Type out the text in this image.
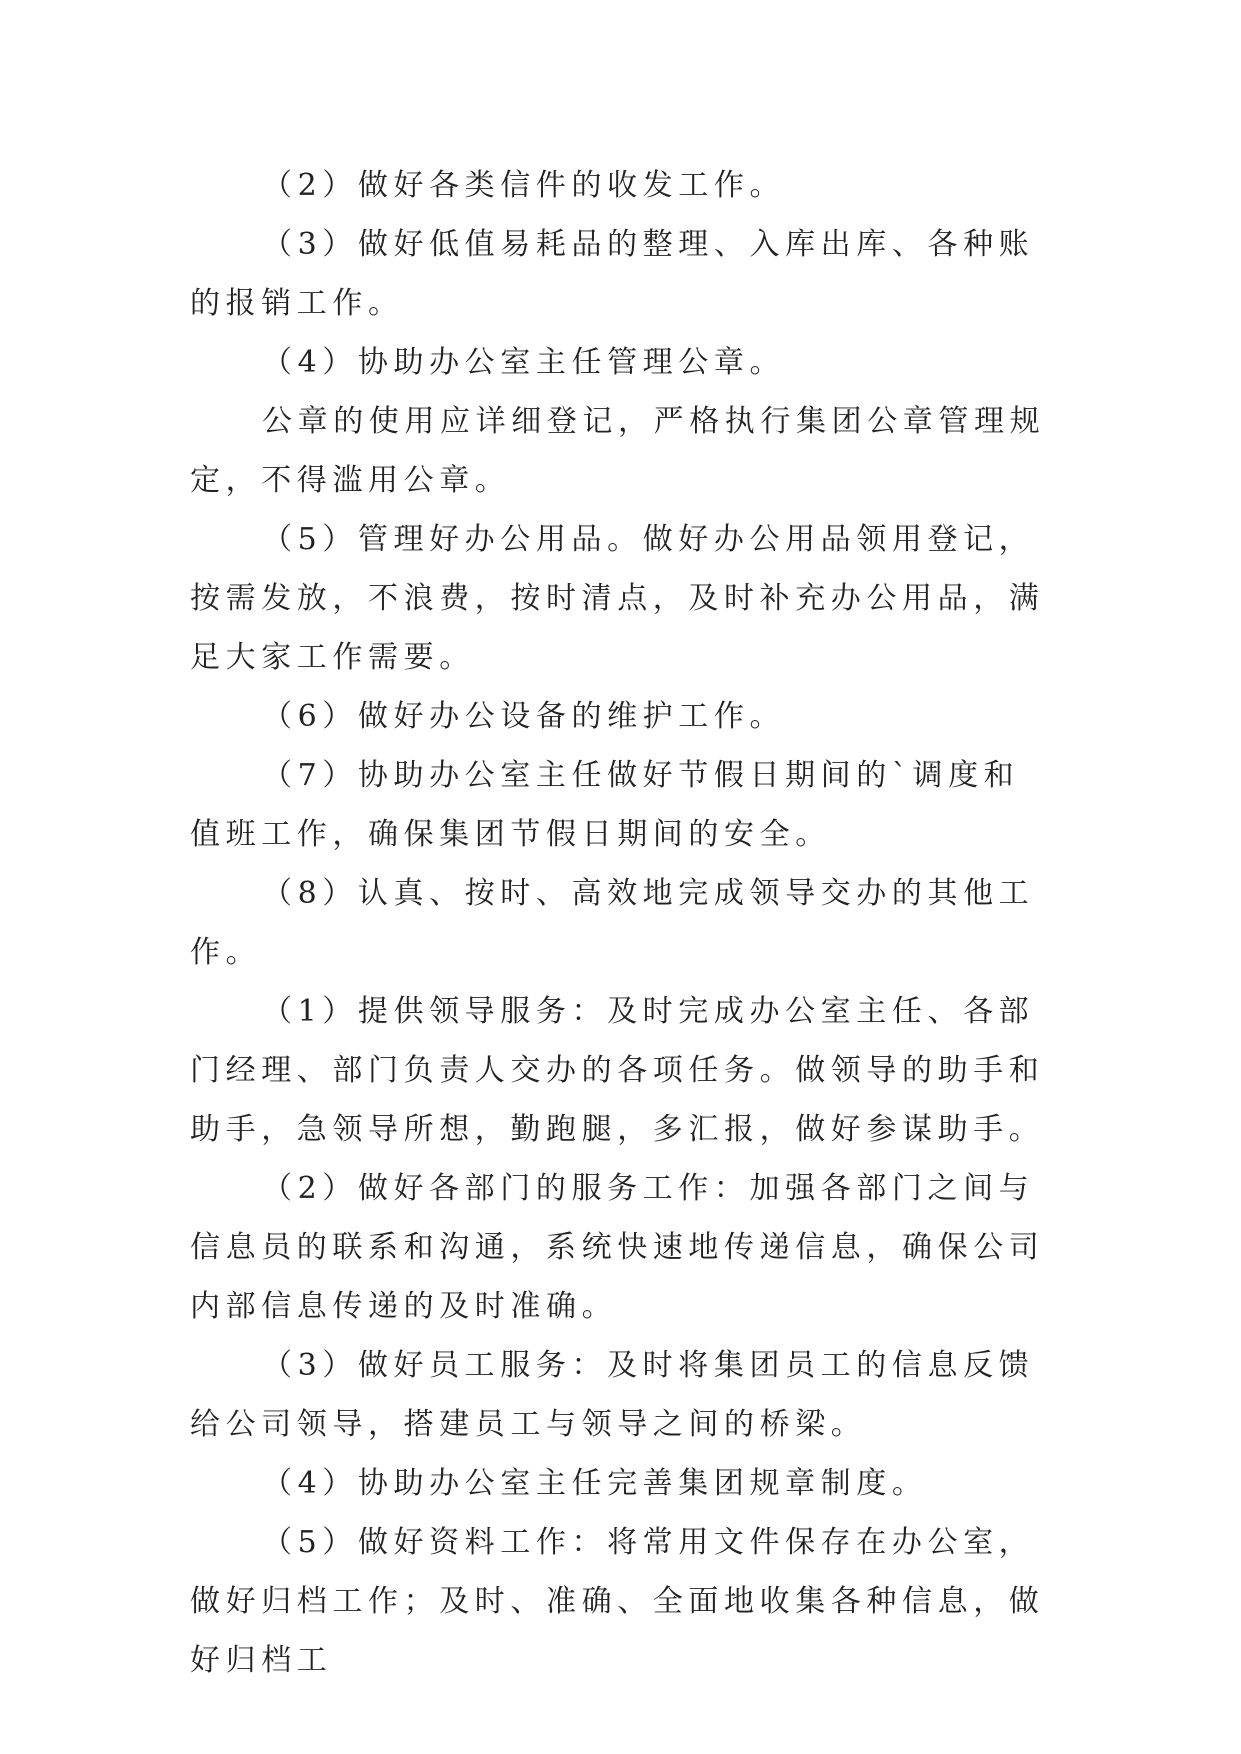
（2）做好各类信件的收发工作。

（3）做好低值易耗品的整理、入库出库、各种账的报销工作。

（4）协助办公室主任管理公章。

公章的使用应详细登记，严格执行集团公章管理规定，不得滥用公章。

（5）管理好办公用品。做好办公用品领用登记，按需发放，不浪费，按时清点，及时补充办公用品，满足大家工作需要。

（6）做好办公设备的维护工作。

（7）协助办公室主任做好节假日期间的`调度和值班工作，确保集团节假日期间的安全。

（8）认真、按时、高效地完成领导交办的其他工作。

（1）提供领导服务：及时完成办公室主任、各部门经理、部门负责人交办的各项任务。做领导的助手和助手，急领导所想，勤跑腿，多汇报，做好参谋助手。

（2）做好各部门的服务工作：加强各部门之间与信息员的联系和沟通，系统快速地传递信息，确保公司内部信息传递的及时准确。

（3）做好员工服务：及时将集团员工的信息反馈给公司领导，搭建员工与领导之间的桥梁。

（4）协助办公室主任完善集团规章制度。

（5）做好资料工作：将常用文件保存在办公室，做好归档工作；及时、准确、全面地收集各种信息，做好归档工
